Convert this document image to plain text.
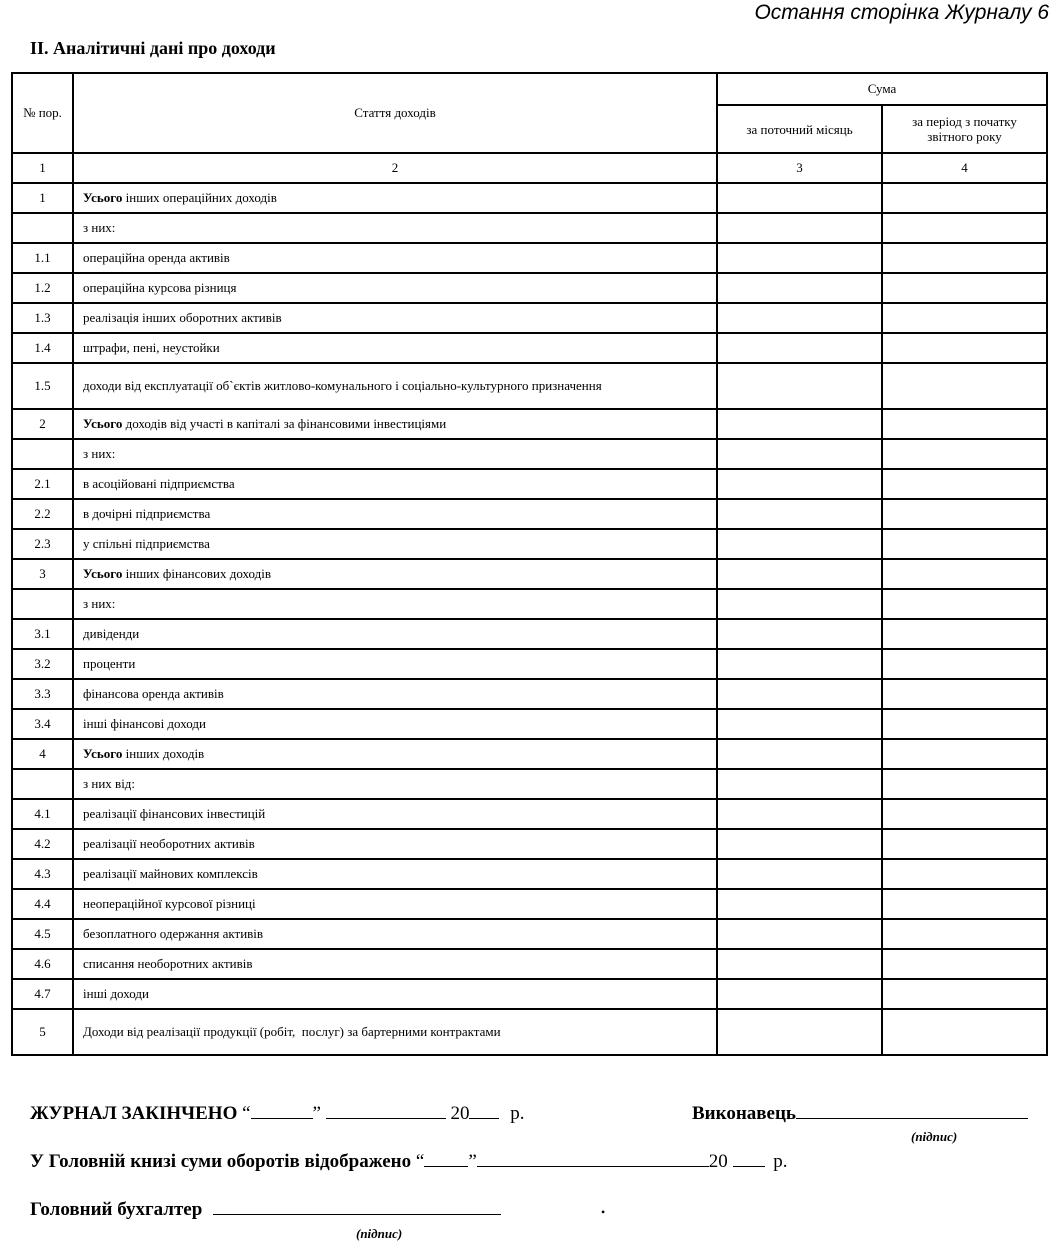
Остання сторінка Журналу 6
II. Аналітичні дані про доходи
№ пор.	Стаття доходів	Сума	
		за поточний місяць	за період з початку звітного року
1	2	3	4
1	Усього інших операційних доходів		
	з них:		
1.1	операційна оренда активів		
1.2	операційна курсова різниця		
1.3	реалізація інших оборотних активів		
1.4	штрафи, пені, неустойки		
1.5	доходи від експлуатації об`єктів житлово-комунального і соціально-культурного призначення		
2	Усього доходів від участі в капіталі за фінансовими інвестиціями		
	з них:		
2.1	в асоційовані підприємства		
2.2	в дочірні підприємства		
2.3	у спільні підприємства		
3	Усього інших фінансових доходів		
	з них:		
3.1	дивіденди		
3.2	проценти		
3.3	фінансова оренда активів		
3.4	інші фінансові доходи		
4	Усього інших доходів		
	з них від:		
4.1	реалізації фінансових інвестицій		
4.2	реалізації необоротних активів		
4.3	реалізації майнових комплексів		
4.4	неопераційної курсової різниці		
4.5	безоплатного одержання активів		
4.6	списання необоротних активів		
4.7	інші доходи		
5	Доходи від реалізації продукції (робіт,  послуг) за бартерними контрактами		
ЖУРНАЛ ЗАКІНЧЕНО “	”	20 р.	Виконавець
(підпис)
У Головній книзі суми оборотів відображено “ ”	20 р.
Головний бухгалтер
(підпис)
•
